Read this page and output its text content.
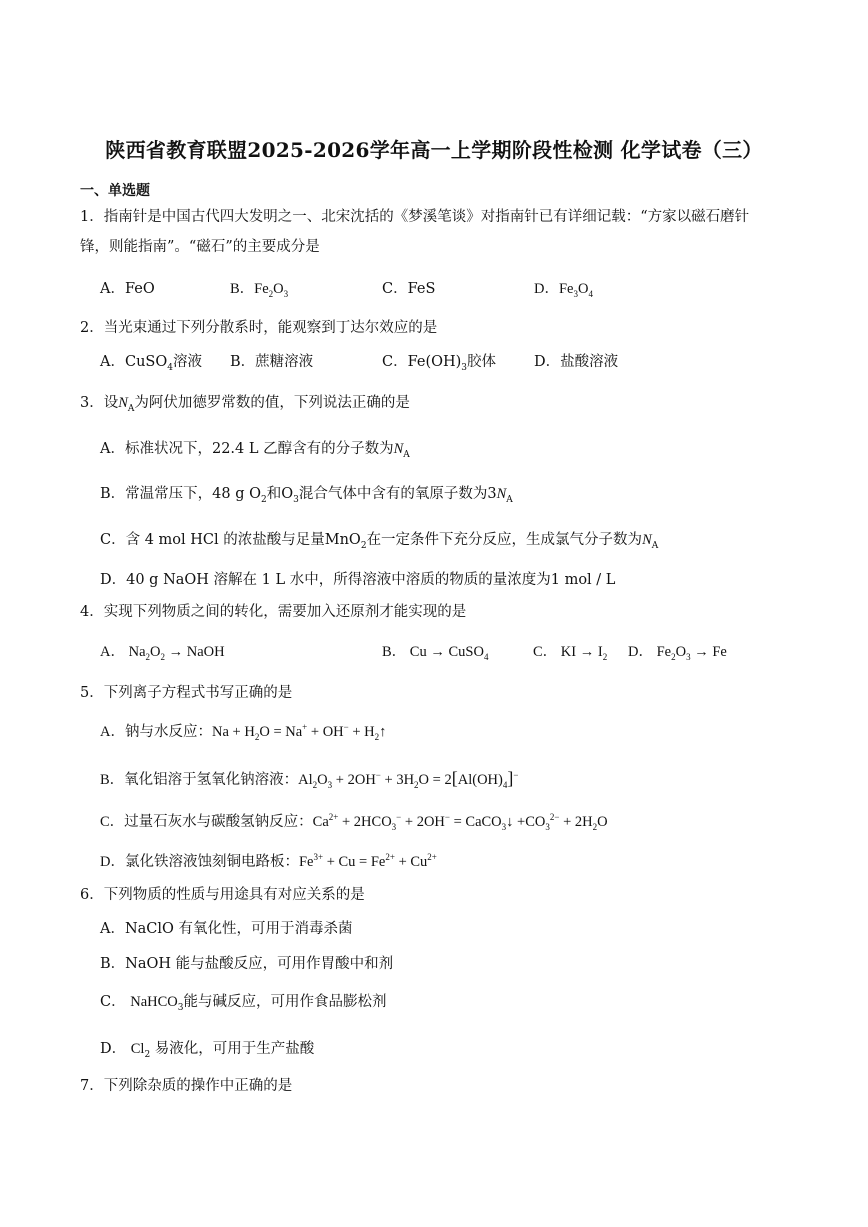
陕西省教育联盟2025-2026学年高一上学期阶段性检测 化学试卷（三）
一、单选题
1．指南针是中国古代四大发明之一、北宋沈括的《梦溪笔谈》对指南针已有详细记载：“方家以磁石磨针
锋，则能指南”。“磁石”的主要成分是
A．FeO	B．$Fe_2O_3$	C．FeS	D．$Fe_3O_4$
2．当光束通过下列分散系时，能观察到丁达尔效应的是
A．CuSO$_4$溶液 B．蔗糖溶液	C．$Fe(OH)_3$胶体	D．盐酸溶液
3．设$N_A$为阿伏加德罗常数的值，下列说法正确的是
A．标准状况下，22.4 L 乙醇含有的分子数为$N_A$
B．常温常压下，48 g $O_2$和$O_3$混合气体中含有的氧原子数为$3N_A$
C．含 4 mol HCl 的浓盐酸与足量MnO$_2$在一定条件下充分反应，生成氯气分子数为$N_A$
D．40 g NaOH 溶解在 1 L 水中，所得溶液中溶质的物质的量浓度为1 mol / L
4．实现下列物质之间的转化，需要加入还原剂才能实现的是
A． $Na_2O_2$ → NaOH	B． Cu → CuSO$_4$	C． KI → $I_2$ D． $Fe_2O_3 \to Fe$
5．下列离子方程式书写正确的是
A．钠与水反应：$Na + H_2O = Na^+ + OH^-$ + $H_2↑$
B．氧化铝溶于氢氧化钠溶液：$Al_2O_3 + 2OH^- + 3H_2O = 2[Al(OH)_4]^-$
C．过量石灰水与碳酸氢钠反应：$Ca^{2+} + 2HCO_3^- + 2OH^-$ = CaCO$_3$↓ $+CO_3^{2-} + 2H_2O$
D．氯化铁溶液蚀刻铜电路板：$Fe^{3+} + Cu = Fe^{2+} + Cu^{2+}$
6．下列物质的性质与用途具有对应关系的是
A．NaClO 有氧化性，可用于消毒杀菌
B．NaOH 能与盐酸反应，可用作胃酸中和剂
C． NaHCO$_3$能与碱反应，可用作食品膨松剂
D． $Cl_2$ 易液化，可用于生产盐酸
7．下列除杂质的操作中正确的是
